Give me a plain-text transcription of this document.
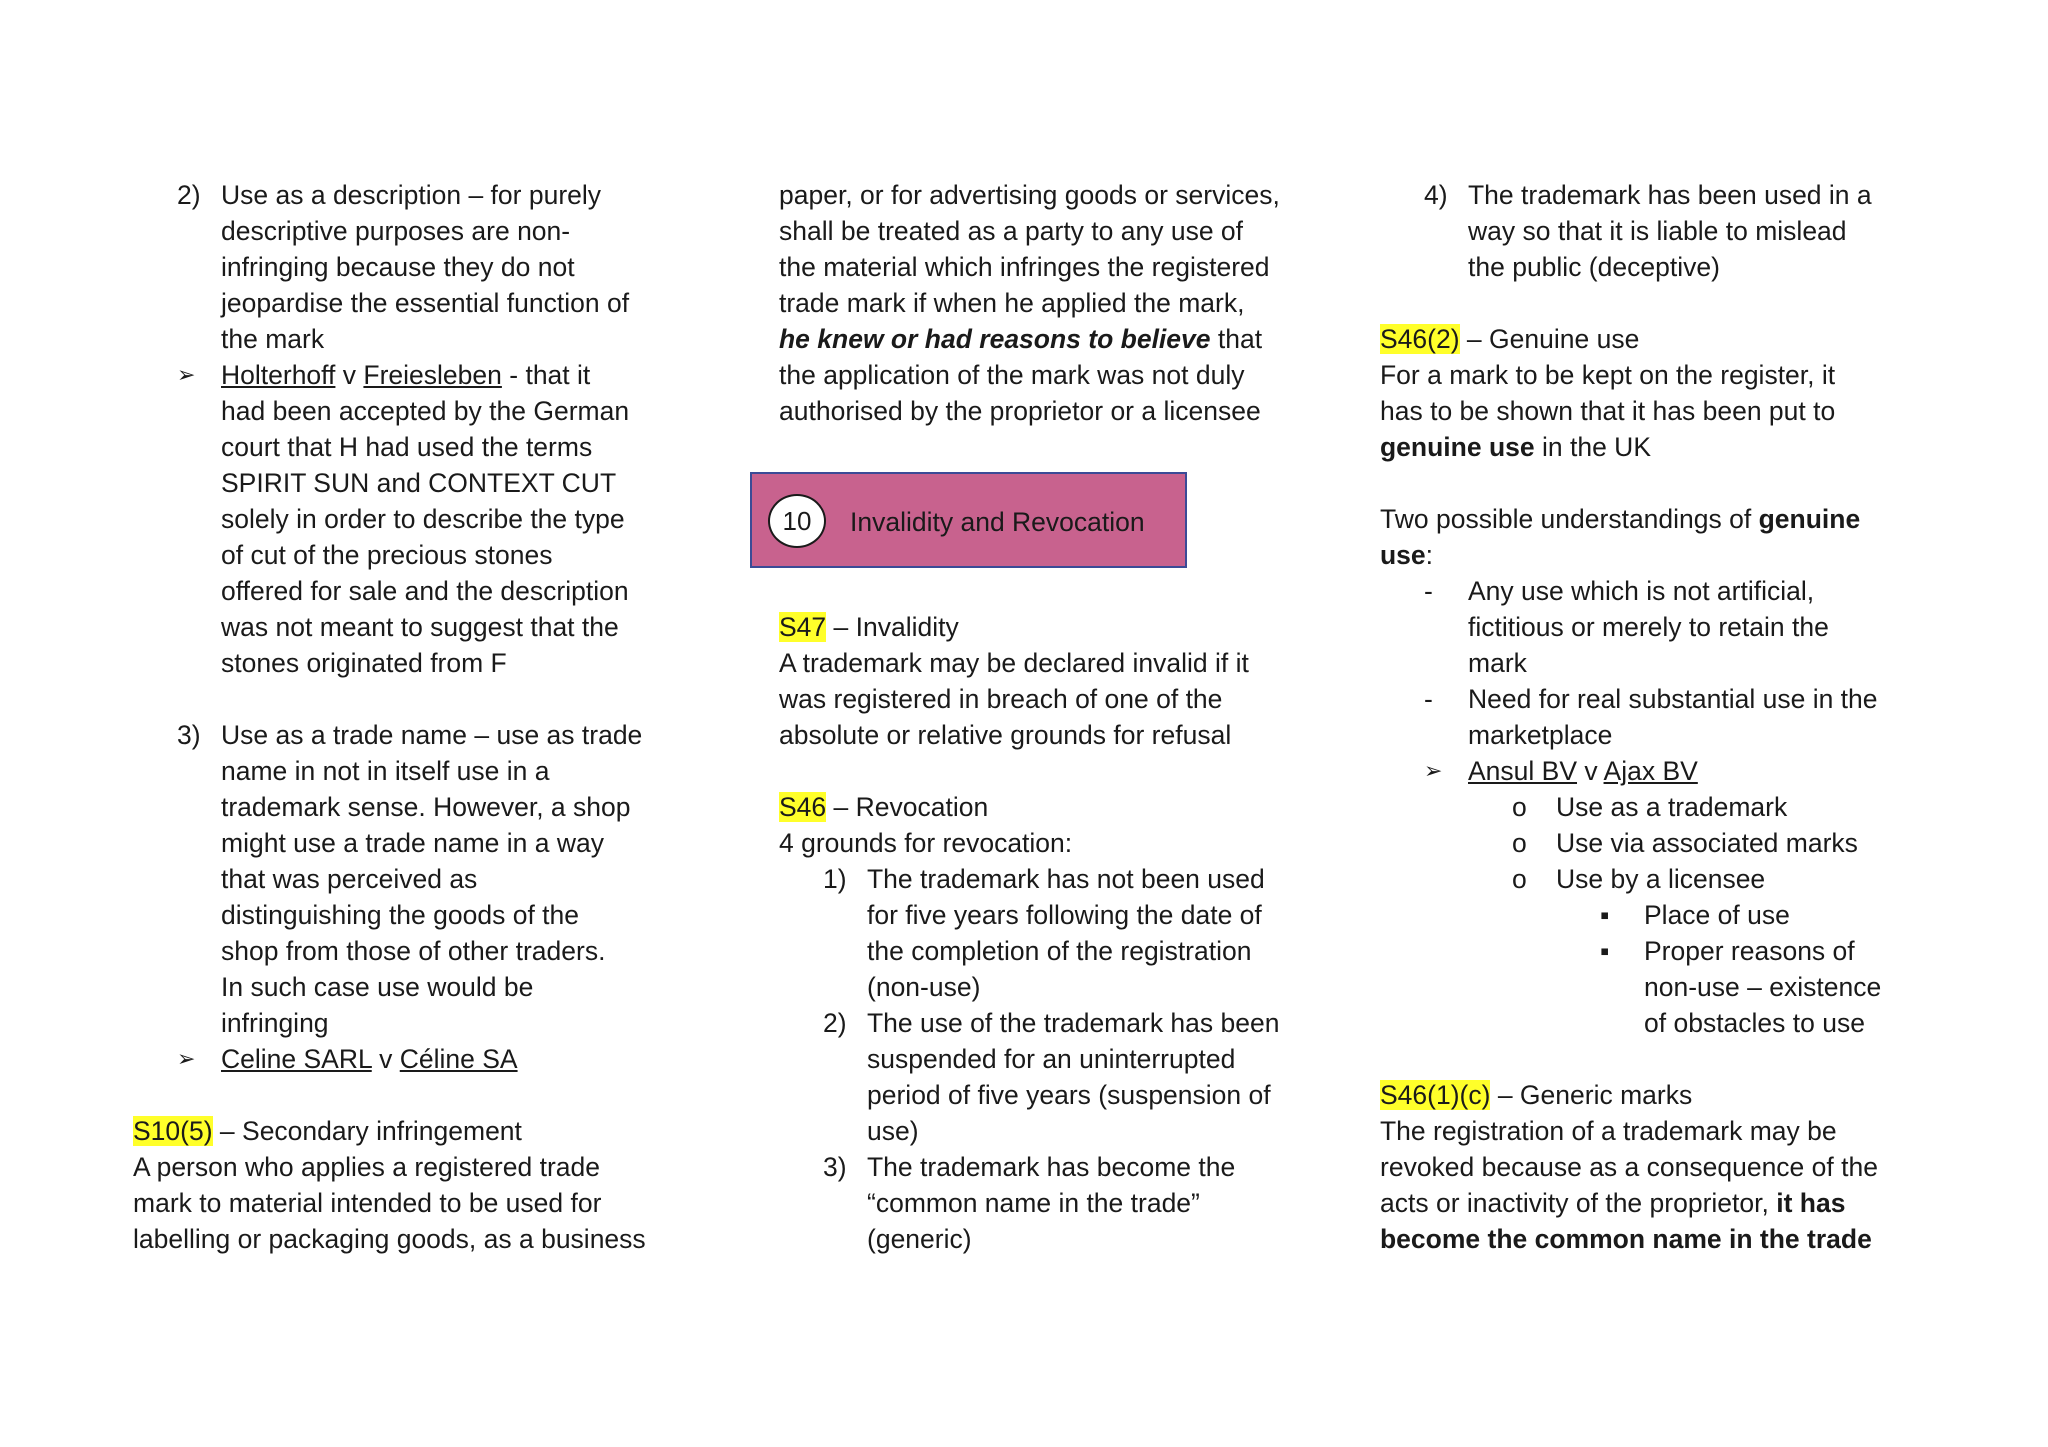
2) Use as a description – for purely

descriptive purposes are non-

infringing because they do not

jeopardise the essential function of

the mark

➢ Holterhoff v Freiesleben - that it

had been accepted by the German

court that H had used the terms

SPIRIT SUN and CONTEXT CUT

solely in order to describe the type

of cut of the precious stones

offered for sale and the description

was not meant to suggest that the

stones originated from F

3) Use as a trade name – use as trade

name in not in itself use in a

trademark sense. However, a shop

might use a trade name in a way

that was perceived as

distinguishing the goods of the

shop from those of other traders.

In such case use would be

infringing

➢ Celine SARL v Céline SA

S10(5) – Secondary infringement

A person who applies a registered trade

mark to material intended to be used for

labelling or packaging goods, as a business

paper, or for advertising goods or services,

shall be treated as a party to any use of

the material which infringes the registered

trade mark if when he applied the mark,

he knew or had reasons to believe that

the application of the mark was not duly

authorised by the proprietor or a licensee

S47 – Invalidity

A trademark may be declared invalid if it

was registered in breach of one of the

absolute or relative grounds for refusal

S46 – Revocation

4 grounds for revocation:

1) The trademark has not been used

for five years following the date of

the completion of the registration

(non-use)

2) The use of the trademark has been

suspended for an uninterrupted

period of five years (suspension of

use)

3) The trademark has become the

“common name in the trade”

(generic)

10	Invalidity and Revocation
4) The trademark has been used in a

way so that it is liable to mislead

the public (deceptive)

S46(2) – Genuine use

For a mark to be kept on the register, it

has to be shown that it has been put to

genuine use in the UK

Two possible understandings of genuine

use:

-	Any use which is not artificial,

fictitious or merely to retain the

mark

-	Need for real substantial use in the

marketplace

➢ Ansul BV v Ajax BV

o	Use as a trademark

o	Use via associated marks

o	Use by a licensee

▪	Place of use

▪	Proper reasons of

non-use – existence

of obstacles to use

S46(1)(c) – Generic marks

The registration of a trademark may be

revoked because as a consequence of the

acts or inactivity of the proprietor, it has

become the common name in the trade
